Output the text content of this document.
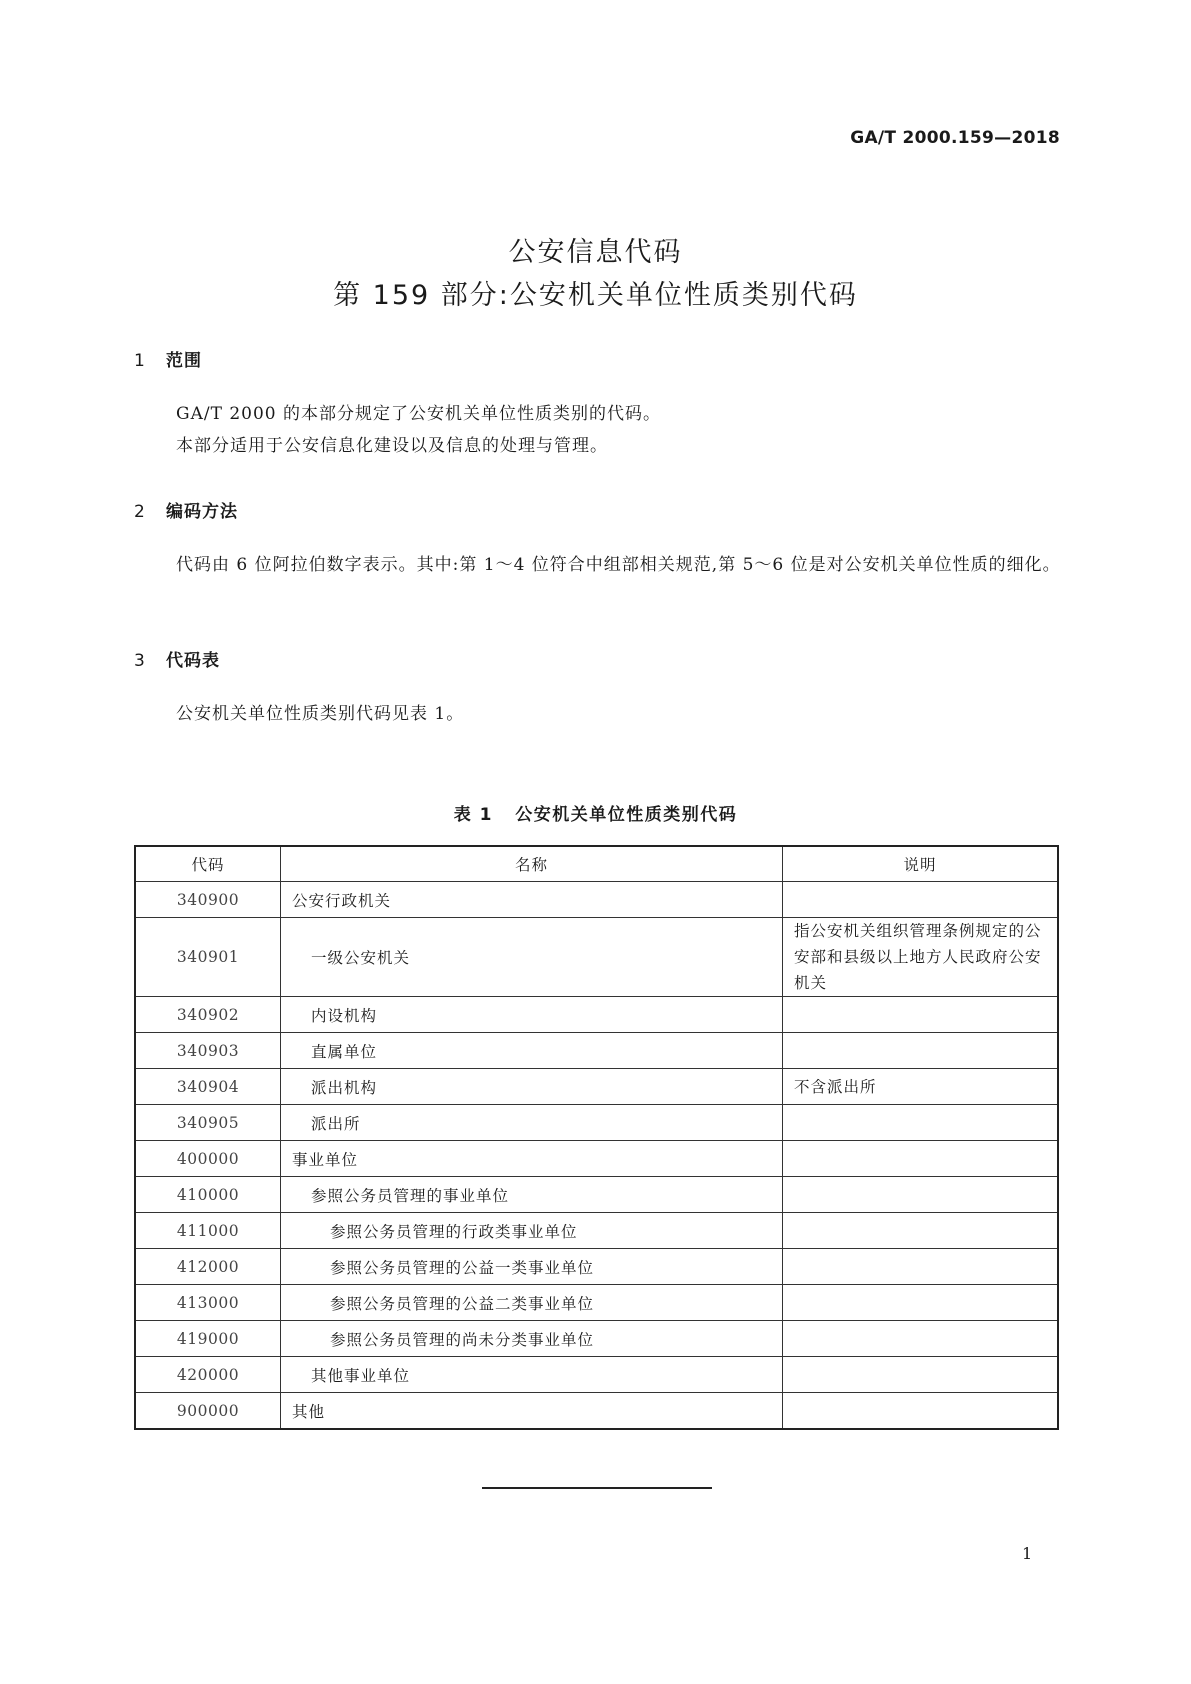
GA/T 2000.159—2018
公安信息代码
第 159 部分:公安机关单位性质类别代码
1 范围
GA/T 2000 的本部分规定了公安机关单位性质类别的代码。
本部分适用于公安信息化建设以及信息的处理与管理。
2 编码方法
代码由 6 位阿拉伯数字表示。其中:第 1～4 位符合中组部相关规范,第 5～6 位是对公安机关单位性质的细化。
3 代码表
公安机关单位性质类别代码见表 1。
表 1 公安机关单位性质类别代码
代码	名称	说明
340900	公安行政机关	
340901	一级公安机关	指公安机关组织管理条例规定的公安部和县级以上地方人民政府公安机关
340902	内设机构	
340903	直属单位	
340904	派出机构	不含派出所
340905	派出所	
400000	事业单位	
410000	参照公务员管理的事业单位	
411000	参照公务员管理的行政类事业单位	
412000	参照公务员管理的公益一类事业单位	
413000	参照公务员管理的公益二类事业单位	
419000	参照公务员管理的尚未分类事业单位	
420000	其他事业单位	
900000	其他	
1
